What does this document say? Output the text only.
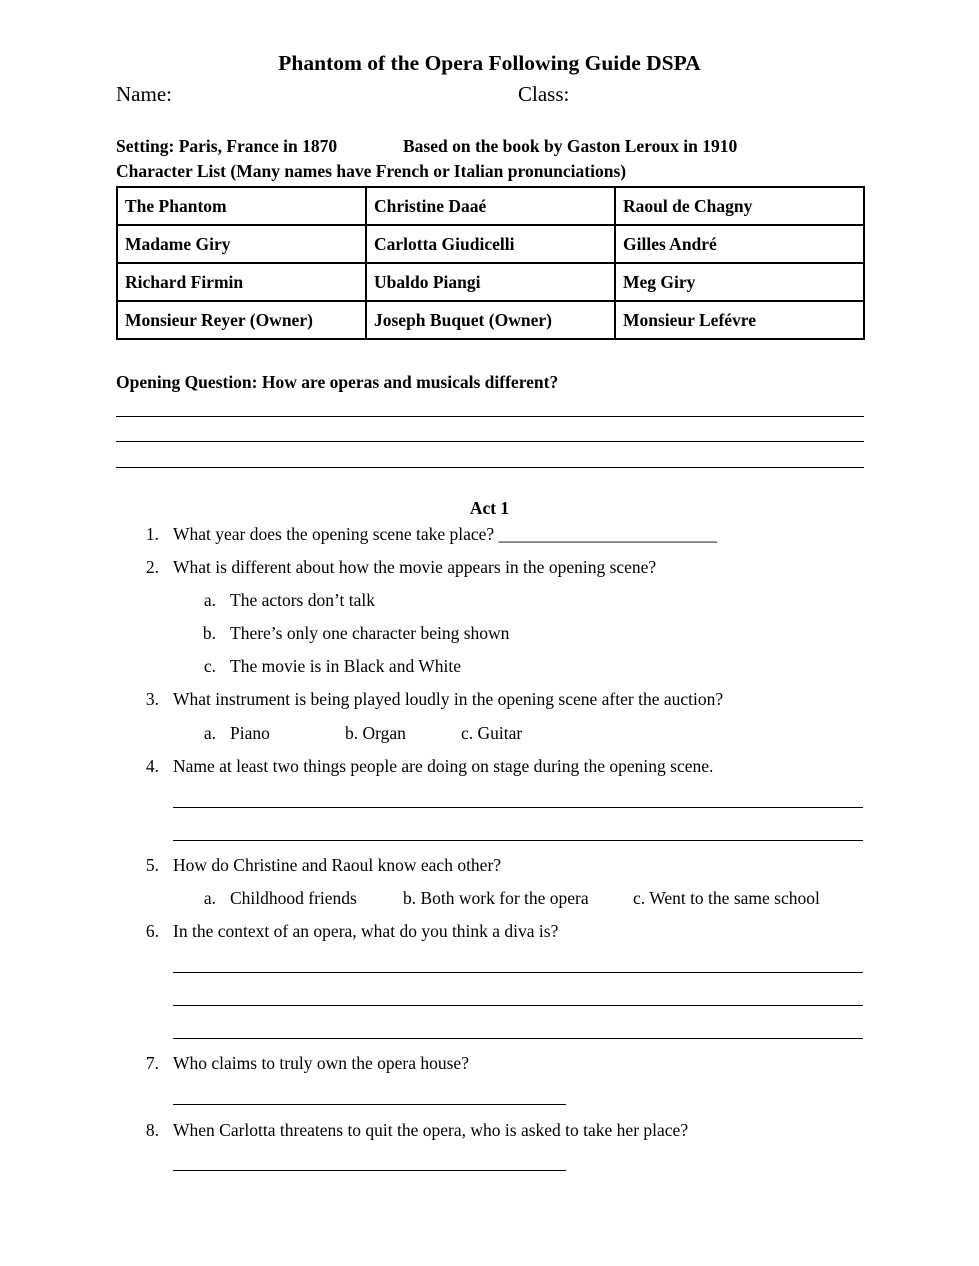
Phantom of the Opera Following Guide DSPA
Name:	Class:
Setting: Paris, France in 1870	Based on the book by Gaston Leroux in 1910
Character List (Many names have French or Italian pronunciations)
The Phantom	Christine Daaé	Raoul de Chagny
Madame Giry	Carlotta Giudicelli	Gilles André
Richard Firmin	Ubaldo Piangi	Meg Giry
Monsieur Reyer (Owner)	Joseph Buquet (Owner)	Monsieur Lefévre
Opening Question: How are operas and musicals different?
Act 1
1. What year does the opening scene take place? _________________________
2. What is different about how the movie appears in the opening scene?
a. The actors don’t talk
b. There’s only one character being shown
c. The movie is in Black and White
3. What instrument is being played loudly in the opening scene after the auction?
a. Piano	b. Organ	c. Guitar
4. Name at least two things people are doing on stage during the opening scene.
5. How do Christine and Raoul know each other?
a. Childhood friends	b. Both work for the opera	c. Went to the same school
6. In the context of an opera, what do you think a diva is?
7. Who claims to truly own the opera house?
8. When Carlotta threatens to quit the opera, who is asked to take her place?
